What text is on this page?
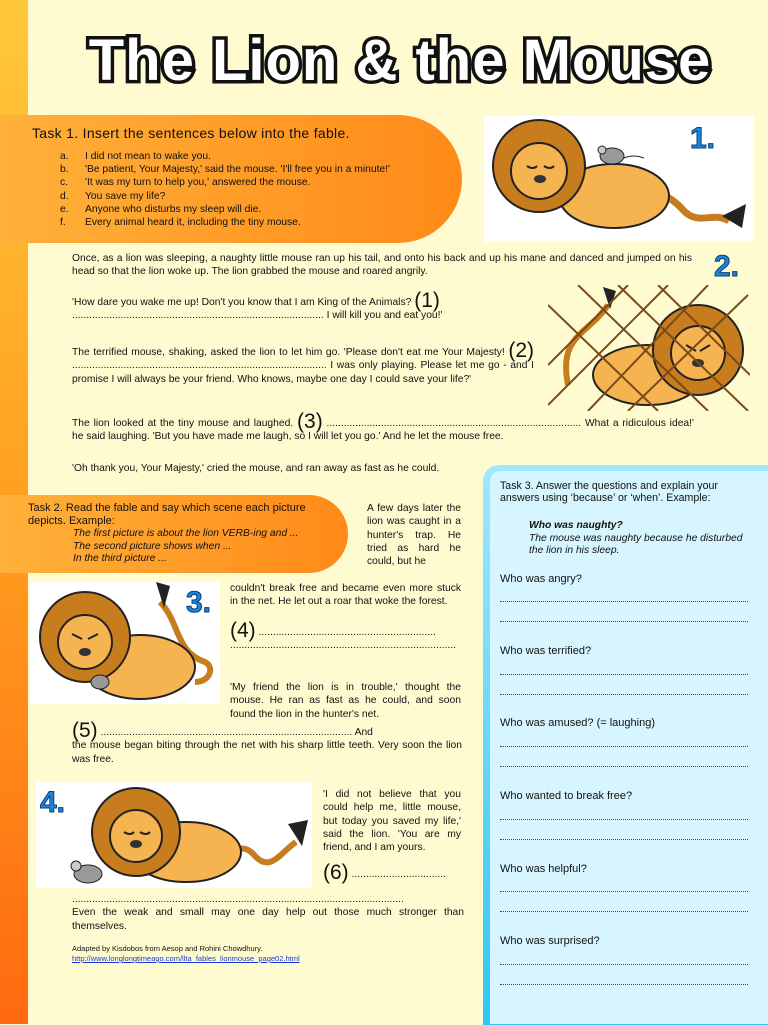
The Lion & the Mouse
Task 1. Insert the sentences below into the fable.
a.	I did not mean to wake you.
b.	'Be patient, Your Majesty,' said the mouse. 'I'll free you in a minute!'
c.	'It was my turn to help you,' answered the mouse.
d.	You save my life?
e.	Anyone who disturbs my sleep will die.
f.	Every animal heard it, including the tiny mouse.
1.
2.

Once, as a lion was sleeping, a naughty little mouse ran up his tail, and onto his back and up his mane and danced and jumped on his head so that the lion woke up. The lion grabbed the mouse and roared angrily.

'How dare you wake me up! Don't you know that I am King of the Animals? (1)
........................................................................................ I will kill you and eat you!'

The terrified mouse, shaking, asked the lion to let him go. 'Please don't eat me Your Majesty! (2) ......................................................................................... I was only playing. Please let me go - and I promise I will always be your friend. Who knows, maybe one day I could save your life?'

The lion looked at the tiny mouse and laughed. (3) ......................................................................................... What a ridiculous idea!' he said laughing. 'But you have made me laugh, so I will let you go.' And he let the mouse free.

'Oh thank you, Your Majesty,' cried the mouse, and ran away as fast as he could.

Task 2. Read the fable and say which scene each picture depicts. Example:
The first picture is about the lion VERB-ing and ...
The second picture shows when ...
In the third picture ...

A few days later the lion was caught in a hunter's trap. He tried as hard he could, but he

couldn't break free and became even more stuck in the net. He let out a roar that woke the forest.

(4) ..............................................................
...............................................................................

'My friend the lion is in trouble,' thought the mouse. He ran as fast as he could, and soon found the lion in the hunter's net.

3.

(5) ........................................................................................ And
the mouse began biting through the net with his sharp little teeth. Very soon the lion was free.

4.	'I did not believe that you could help me, little mouse, but today you saved my life,' said the lion. 'You are my friend, and I am yours.

(6) .................................

....................................................................................................................
Even the weak and small may one day help out those much stronger than themselves.

Adapted by Kisdobos from Aesop and Rohini Chowdhury.
http://www.longlongtimeago.com/llta_fables_lionmouse_page02.html
Task 3. Answer the questions and explain your answers using ‘because’ or ‘when’. Example:
Who was naughty?
The mouse was naughty because he disturbed the lion in his sleep.
Who was angry?
Who was terrified?
Who was amused? (= laughing)
Who wanted to break free?
Who was helpful?
Who was surprised?
